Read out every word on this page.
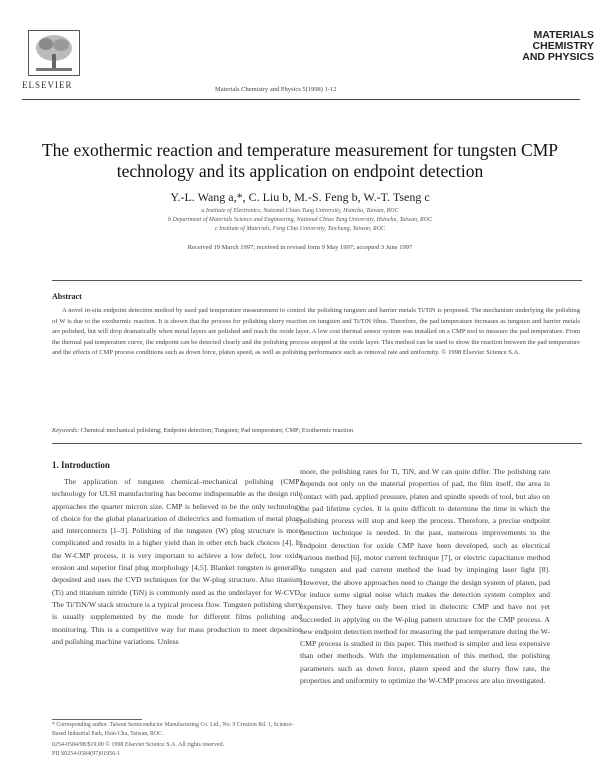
ELSEVIER	Materials Chemistry and Physics 5(1998) 1-12
MATERIALS CHEMISTRY AND PHYSICS
The exothermic reaction and temperature measurement for tungsten CMP technology and its application on endpoint detection
Y.-L. Wang a,*, C. Liu b, M.-S. Feng b, W.-T. Tseng c
a Institute of Electronics, National Chiao Tung University, Hsinchu, Taiwan, ROC
b Department of Materials Science and Engineering, National Chiao Tung University, Hsinchu, Taiwan, ROC
c Institute of Materials, Feng Chia University, Taichung, Taiwan, ROC
Received 19 March 1997; received in revised form 9 May 1997; accepted 3 June 1997
Abstract
A novel in-situ endpoint detection method by used pad temperature measurement to control the polishing tungsten and barrier metals Ti/TiN is proposed. The mechanism underlying the polishing of W is due to the exothermic reaction. It is shown that the process for polishing slurry reaction on tungsten and Ti/TiN films. Therefore, the pad temperature increases as tungsten and barrier metals are polished, but will drop dramatically when metal layers are polished and reach the oxide layer. A low cost thermal sensor system was installed on a CMP tool to measure the pad temperature. From the thermal pad temperature curve, the endpoint can be detected clearly and the polishing process stopped at the oxide layer. This method can be used to show the reaction between the pad temperature and the effects of CMP process conditions such as down force, platen speed, as well as polishing performance such as removal rate and uniformity. © 1998 Elsevier Science S.A.
Keywords: Chemical mechanical polishing; Endpoint detection; Tungsten; Pad temperature; CMP; Exothermic reaction
1. Introduction
The application of tungsten chemical–mechanical polishing (CMP) technology for ULSI manufacturing has become indispensable as the design rule approaches the quarter micron size. CMP is believed to be the only technology of choice for the global planarization of dielectrics and formation of metal plugs and interconnects [1–3]. Polishing of the tungsten (W) plug structure is more complicated and results in a higher yield than in other etch back choices [4]. In the W-CMP process, it is very important to achieve a low defect, low oxide erosion and superior final plug morphology [4,5]. Blanket tungsten is generally deposited and uses the CVD techniques for the W-plug structure. Also titanium (Ti) and titanium nitride (TiN) is commonly used as the underlayer for W-CVD. The Ti/TiN/W stack structure is a typical process flow. Tungsten polishing slurry is usually supplemented by the mode for different films polishing and monitoring. This is a competitive way for mass production to meet deposition and polishing machine variations. Unless
more, the polishing rates for Ti, TiN, and W can quite differ. The polishing rate depends not only on the material properties of pad, the film itself, the area in contact with pad, applied pressure, platen and spindle speeds of tool, but also on the pad lifetime cycles. It is quite difficult to determine the time in which the polishing process will stop and keep the process. Therefore, a precise endpoint detection technique is needed. In the past, numerous improvements to the endpoint detection for oxide CMP have been developed, such as electrical various method [6], motor current technique [7], or electric capacitance method to tungsten and pad current method the load by impinging laser light [8]. However, the above approaches need to change the design system of platen, pad or induce some signal noise which makes the detection system complex and expensive. They have only been tried in dielectric CMP and have not yet succeeded in applying on the W-plug pattern structure for the CMP process. A new endpoint detection method for measuring the pad temperature during the W-CMP process is studied in this paper. This method is simpler and less expensive than other methods. With the implementation of this method, the polishing parameters such as down force, platen speed and the slurry flow rate, the properties and uniformity to optimize the W-CMP process are also investigated.
* Corresponding author. Taiwan Semiconductor Manufacturing Co. Ltd., No. 9 Creation Rd. 1, Science-Based Industrial Park, Hsin-Chu, Taiwan, ROC.
0254-0584/98/$19.00 © 1998 Elsevier Science S.A. All rights reserved.
PII S0254-0584(97)01956-1
